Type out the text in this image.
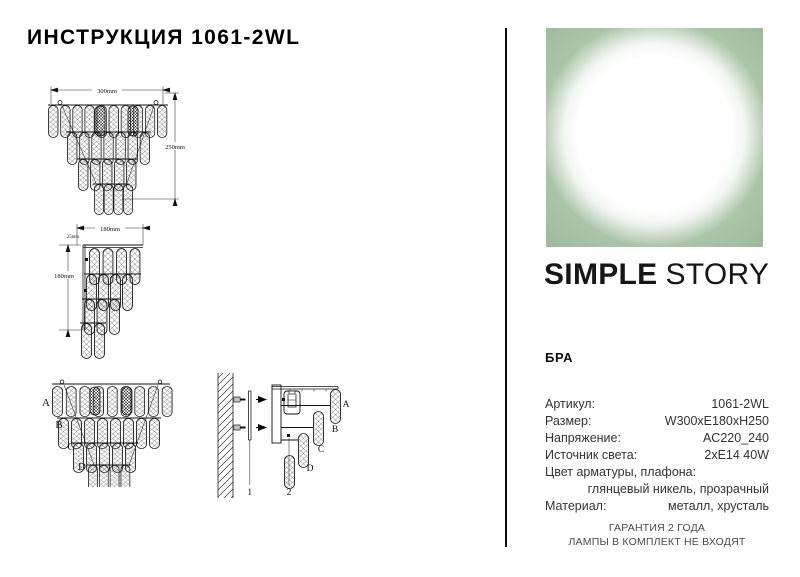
ИНСТРУКЦИЯ 1061-2WL
300mm
250mm
180mm
25mm
180mm
A
B
C
D
A
B
C
D
1	2
SIMPLE STORY
БРА
Артикул:	1061-2WL
Размер:	W300xE180xH250
Напряжение:	AC220_240
Источник света:	2xE14 40W
Цвет арматуры, плафона:
глянцевый никель, прозрачный
Материал:	металл, хрусталь
ГАРАНТИЯ 2 ГОДА
ЛАМПЫ В КОМПЛЕКТ НЕ ВХОДЯТ
